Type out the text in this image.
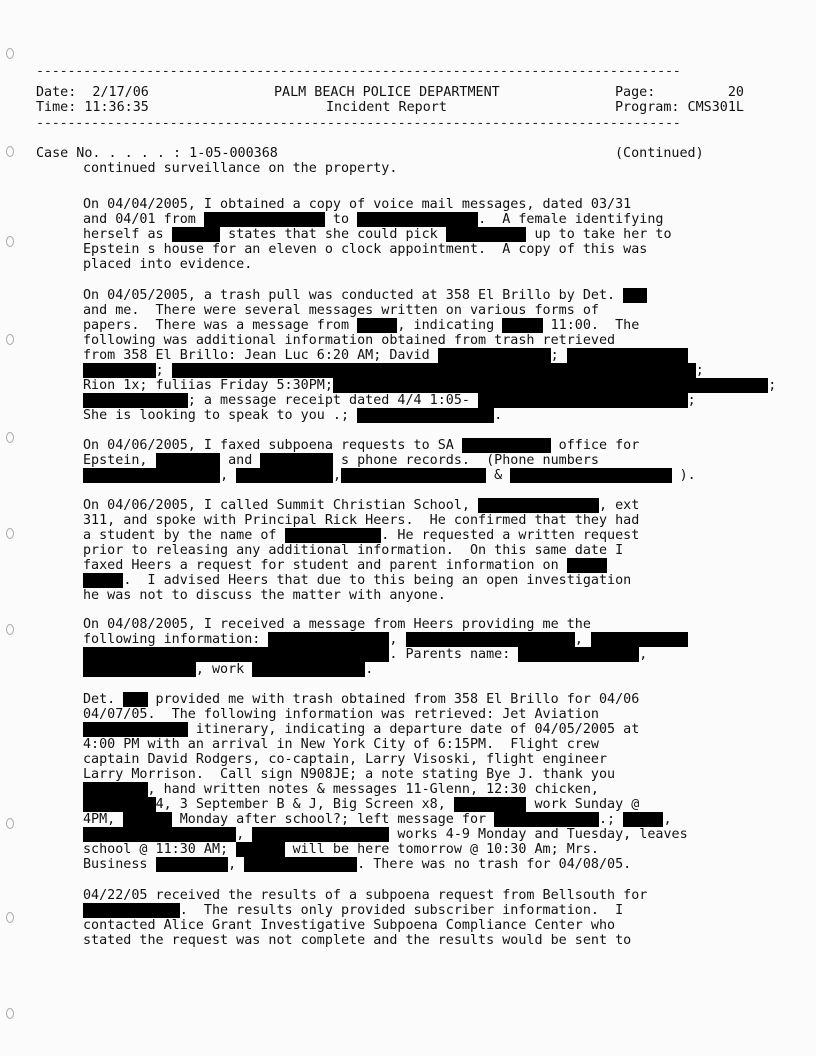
----------------------------------------------------------------------------------
Date:  2/17/06
Time: 11:36:35
PALM BEACH POLICE DEPARTMENT
Incident Report
Page:         20
Program: CMS301L
----------------------------------------------------------------------------------
Case No. . . . . : 1-05-000368	(Continued)
continued surveillance on the property.
On 04/04/2005, I obtained a copy of voice mail messages, dated 03/31
and 04/01 from	to	.  A female identifying
herself as	states that she could pick	up to take her to
Epstein s house for an eleven o clock appointment.  A copy of this was
placed into evidence.
On 04/05/2005, a trash pull was conducted at 358 El Brillo by Det.
and me.  There were several messages written on various forms of
papers.  There was a message from	, indicating	11:00.  The
following was additional information obtained from trash retrieved
from 358 El Brillo: Jean Luc 6:20 AM; David	;
;	;
Rion 1x; fuliias Friday 5:30PM;	;
; a message receipt dated 4/4 1:05-	;
She is looking to speak to you .;	.
On 04/06/2005, I faxed subpoena requests to SA	office for
Epstein,	and	s phone records.  (Phone numbers
,	,	&	).
On 04/06/2005, I called Summit Christian School,	, ext
311, and spoke with Principal Rick Heers.  He confirmed that they had
a student by the name of	. He requested a written request
prior to releasing any additional information.  On this same date I
faxed Heers a request for student and parent information on
.  I advised Heers that due to this being an open investigation
he was not to discuss the matter with anyone.
On 04/08/2005, I received a message from Heers providing me the
following information:	,	,
. Parents name:	,
, work	.
Det.  provided me with trash obtained from 358 El Brillo for 04/06
04/07/05.  The following information was retrieved: Jet Aviation
itinerary, indicating a departure date of 04/05/2005 at
4:00 PM with an arrival in New York City of 6:15PM.  Flight crew
captain David Rodgers, co-captain, Larry Visoski, flight engineer
Larry Morrison.  Call sign N908JE; a note stating Bye J. thank you
, hand written notes & messages 11-Glenn, 12:30 chicken,
4, 3 September B & J, Big Screen x8,	work Sunday @
4PM,	Monday after school?; left message for	.;	,
,	works 4-9 Monday and Tuesday, leaves
school @ 11:30 AM;	will be here tomorrow @ 10:30 Am; Mrs.
Business	,	. There was no trash for 04/08/05.
04/22/05 received the results of a subpoena request from Bellsouth for
.  The results only provided subscriber information.  I
contacted Alice Grant Investigative Subpoena Compliance Center who
stated the request was not complete and the results would be sent to
